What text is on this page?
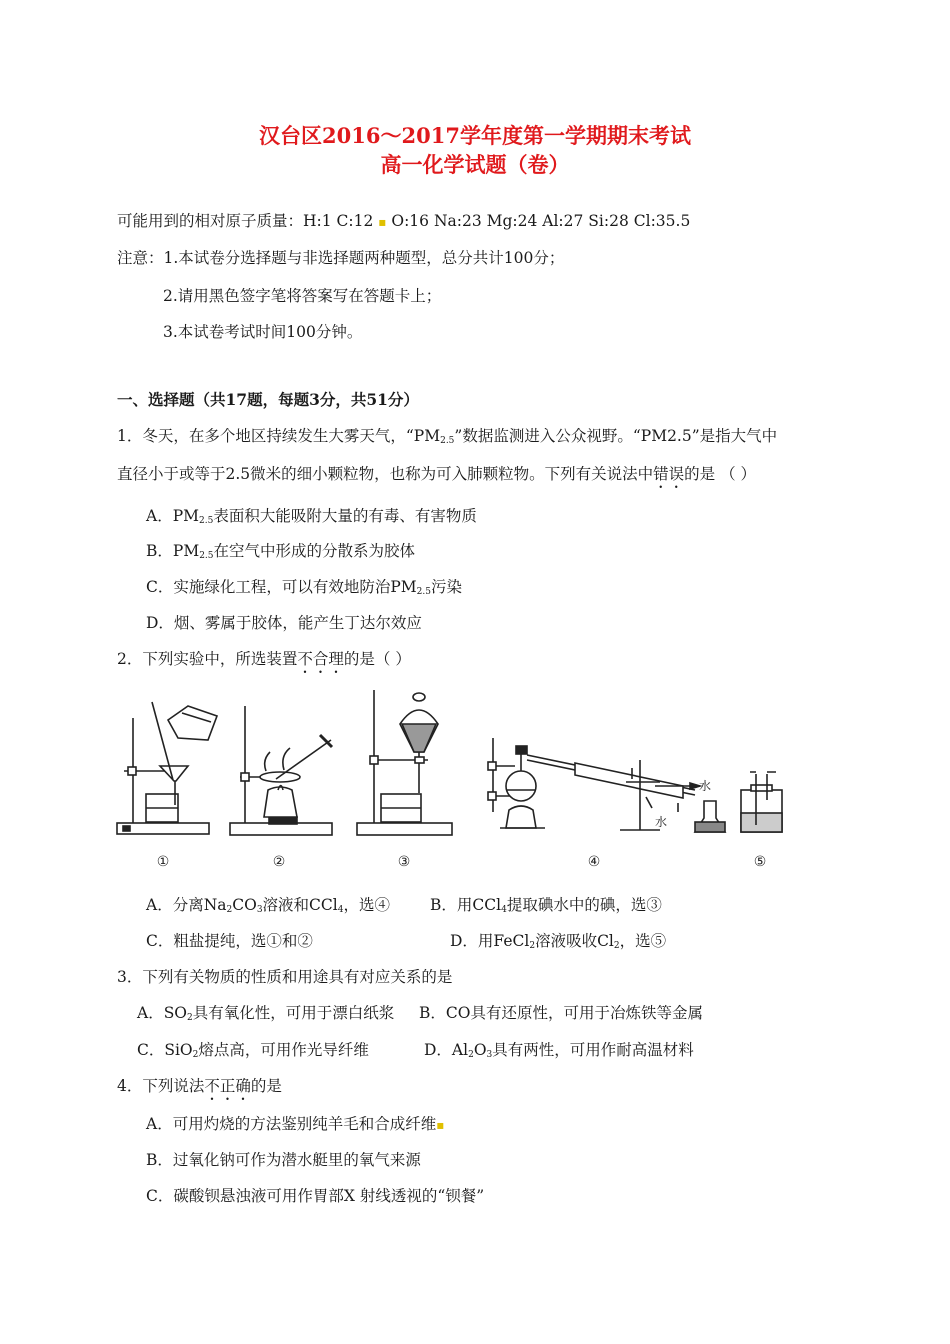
汉台区2016～2017学年度第一学期期末考试
高一化学试题（卷）
可能用到的相对原子质量：H:1 C:12 ▪ O:16 Na:23 Mg:24 Al:27 Si:28 Cl:35.5
注意：1.本试卷分选择题与非选择题两种题型，总分共计100分；
2.请用黑色签字笔将答案写在答题卡上；
3.本试卷考试时间100分钟。
一、选择题（共17题，每题3分，共51分）
1．冬天，在多个地区持续发生大雾天气，“$PM_{2.5}$”数据监测进入公众视野。“PM2.5”是指大气中
直径小于或等于2.5微米的细小颗粒物，也称为可入肺颗粒物。下列有关说法中错误的是 （ ）
A．$PM_{2.5}$表面积大能吸附大量的有毒、有害物质
B．$PM_{2.5}$在空气中形成的分散系为胶体
C．实施绿化工程，可以有效地防治$PM_{2.5}$污染
D．烟、雾属于胶体，能产生丁达尔效应
2．下列实验中，所选装置不合理的是（ ）
水
水
①	②	③	④	⑤
A．分离$Na_2CO_3$溶液和CCl$_4$，选④	B．用CCl$_4$提取碘水中的碘，选③
C．粗盐提纯，选①和②	D．用FeCl$_2$溶液吸收$Cl_2$，选⑤
3．下列有关物质的性质和用途具有对应关系的是
A．$SO_2$具有氧化性，可用于漂白纸浆 B．CO具有还原性，可用于冶炼铁等金属
C．SiO$_2$熔点高，可用作光导纤维	D．$Al_2O_3$具有两性，可用作耐高温材料
4．下列说法不正确的是
A．可用灼烧的方法鉴别纯羊毛和合成纤维▪
B．过氧化钠可作为潜水艇里的氧气来源
C．碳酸钡悬浊液可用作胃部X 射线透视的“钡餐”
